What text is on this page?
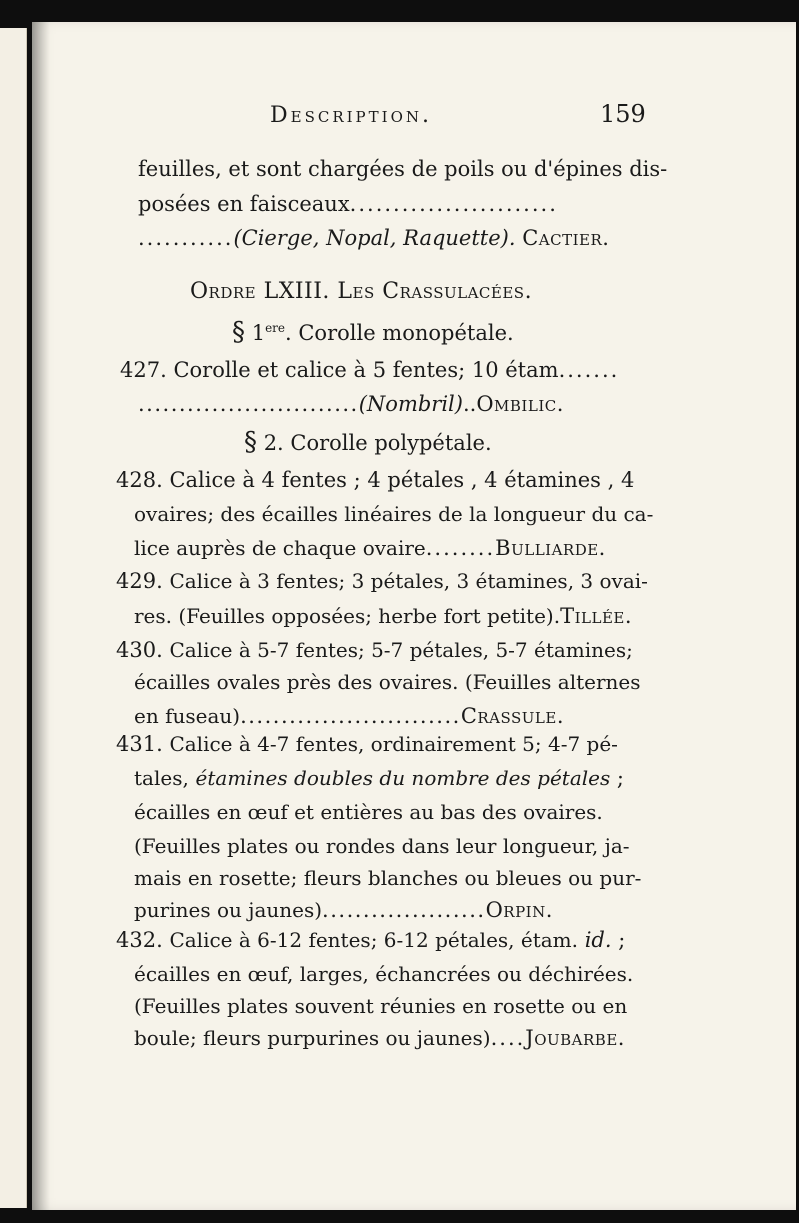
Description.	159
feuilles, et sont chargées de poils ou d'épines dis-
posées en faisceaux........................
...........(Cierge, Nopal, Raquette). Cactier.
Ordre LXIII. Les Crassulacées.
§ 1ere. Corolle monopétale.
427. Corolle et calice à 5 fentes; 10 étam.......
...........................(Nombril)..Ombilic.
§ 2. Corolle polypétale.
428. Calice à 4 fentes ; 4 pétales , 4 étamines , 4
ovaires; des écailles linéaires de la longueur du ca-
lice auprès de chaque ovaire........Bulliarde.
429. Calice à 3 fentes; 3 pétales, 3 étamines, 3 ovai-
res. (Feuilles opposées; herbe fort petite).Tillée.
430. Calice à 5-7 fentes; 5-7 pétales, 5-7 étamines;
écailles ovales près des ovaires. (Feuilles alternes
en fuseau)...........................Crassule.
431. Calice à 4-7 fentes, ordinairement 5; 4-7 pé-
tales, étamines doubles du nombre des pétales ;
écailles en œuf et entières au bas des ovaires.
(Feuilles plates ou rondes dans leur longueur, ja-
mais en rosette; fleurs blanches ou bleues ou pur-
purines ou jaunes)....................Orpin.
432. Calice à 6-12 fentes; 6-12 pétales, étam. id. ;
écailles en œuf, larges, échancrées ou déchirées.
(Feuilles plates souvent réunies en rosette ou en
boule; fleurs purpurines ou jaunes)....Joubarbe.
